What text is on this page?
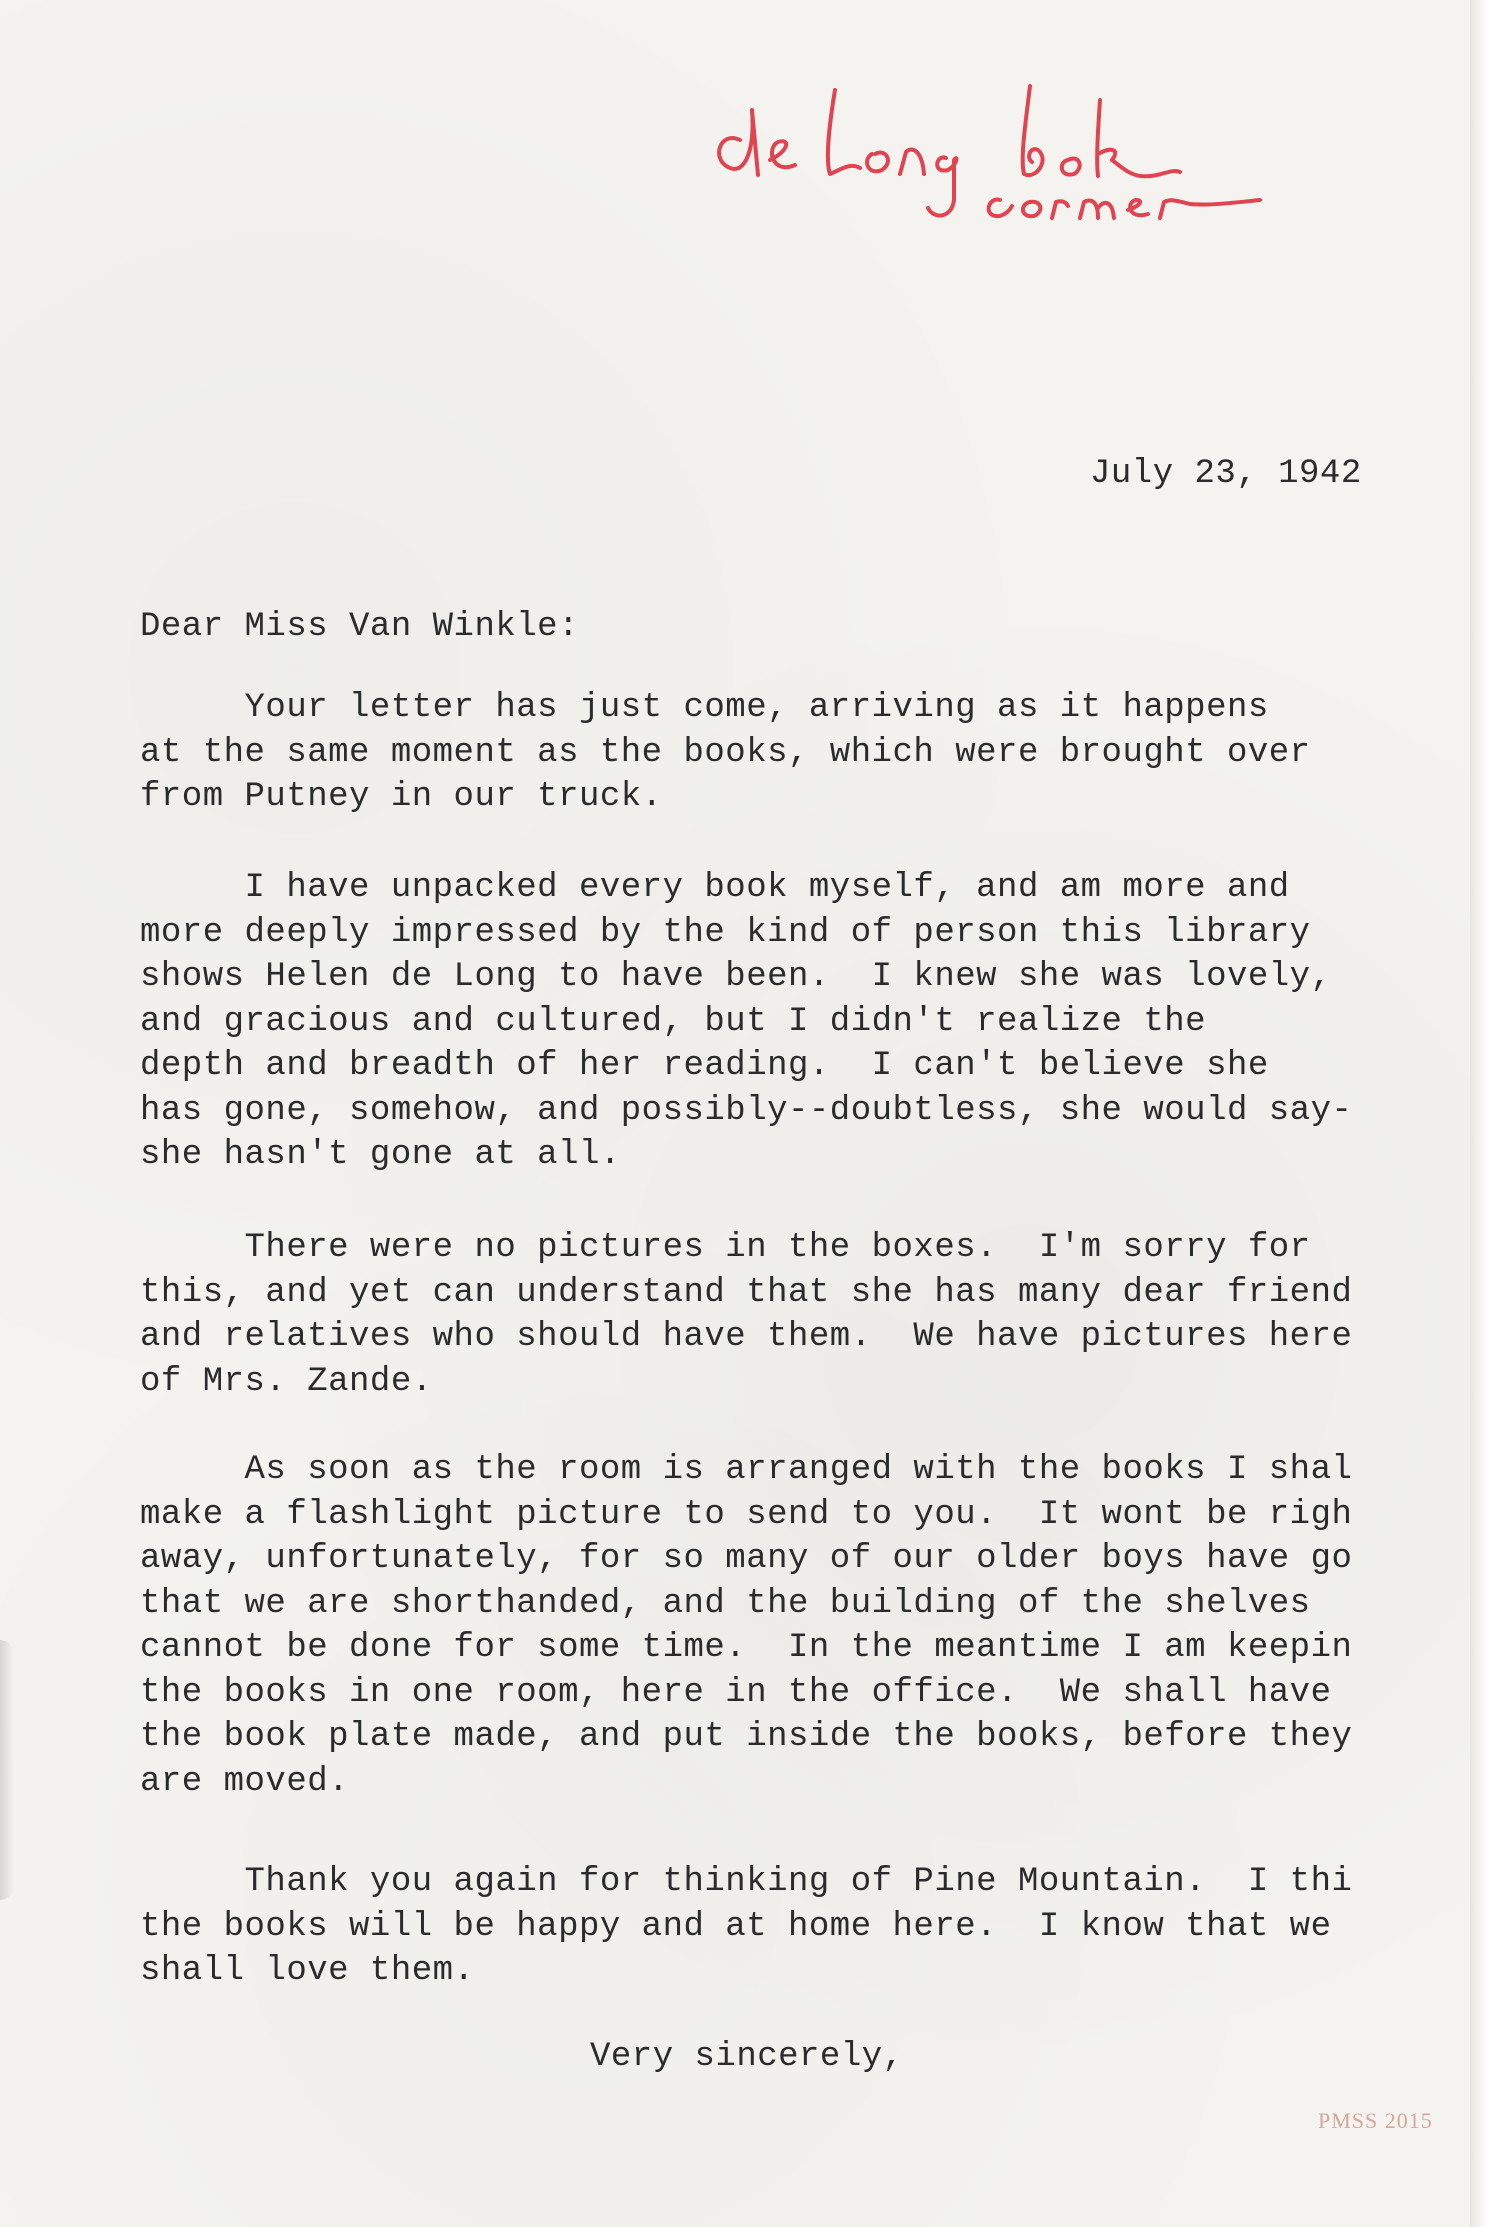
July 23, 1942

Dear Miss Van Winkle:

Your letter has just come, arriving as it happens
at the same moment as the books, which were brought over
from Putney in our truck.

I have unpacked every book myself, and am more and
more deeply impressed by the kind of person this library
shows Helen de Long to have been.  I knew she was lovely,
and gracious and cultured, but I didn't realize the
depth and breadth of her reading.  I can't believe she
has gone, somehow, and possibly--doubtless, she would say-
she hasn't gone at all.

There were no pictures in the boxes.  I'm sorry for
this, and yet can understand that she has many dear friend
and relatives who should have them.  We have pictures here
of Mrs. Zande.

As soon as the room is arranged with the books I shal
make a flashlight picture to send to you.  It wont be righ
away, unfortunately, for so many of our older boys have go
that we are shorthanded, and the building of the shelves
cannot be done for some time.  In the meantime I am keepin
the books in one room, here in the office.  We shall have
the book plate made, and put inside the books, before they
are moved.

Thank you again for thinking of Pine Mountain.  I thi
the books will be happy and at home here.  I know that we
shall love them.

Very sincerely,

PMSS 2015
